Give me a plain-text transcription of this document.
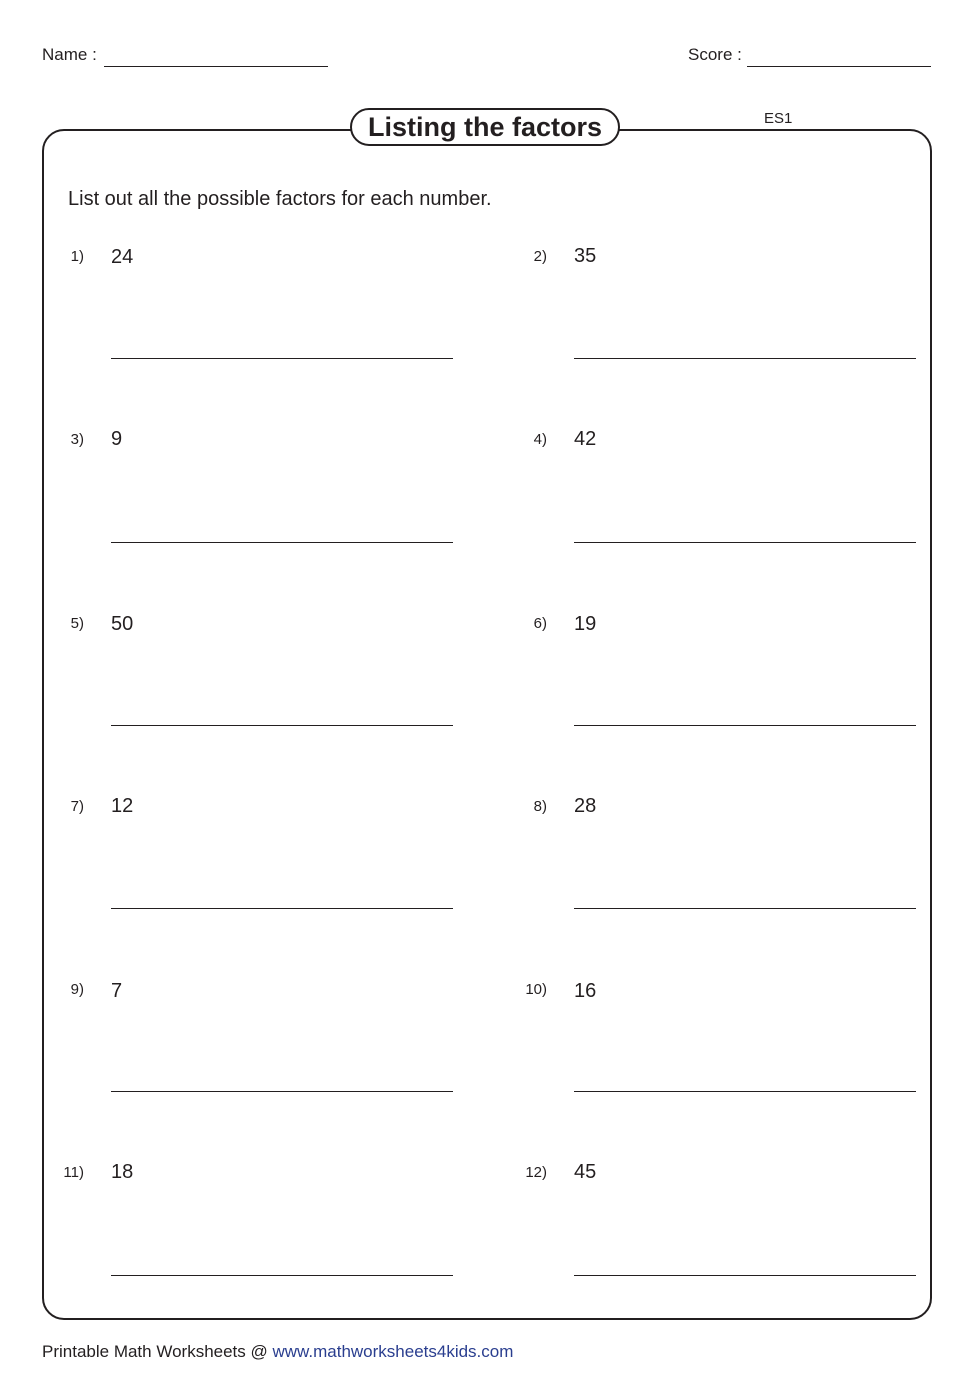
Name :	Score :
Listing the factors	ES1
List out all the possible factors for each number.
1) 24
3) 9
5) 50
7) 12
9) 7
11) 18
2) 35
4) 42
6) 19
8) 28
10) 16
12) 45
Printable Math Worksheets @ www.mathworksheets4kids.com
